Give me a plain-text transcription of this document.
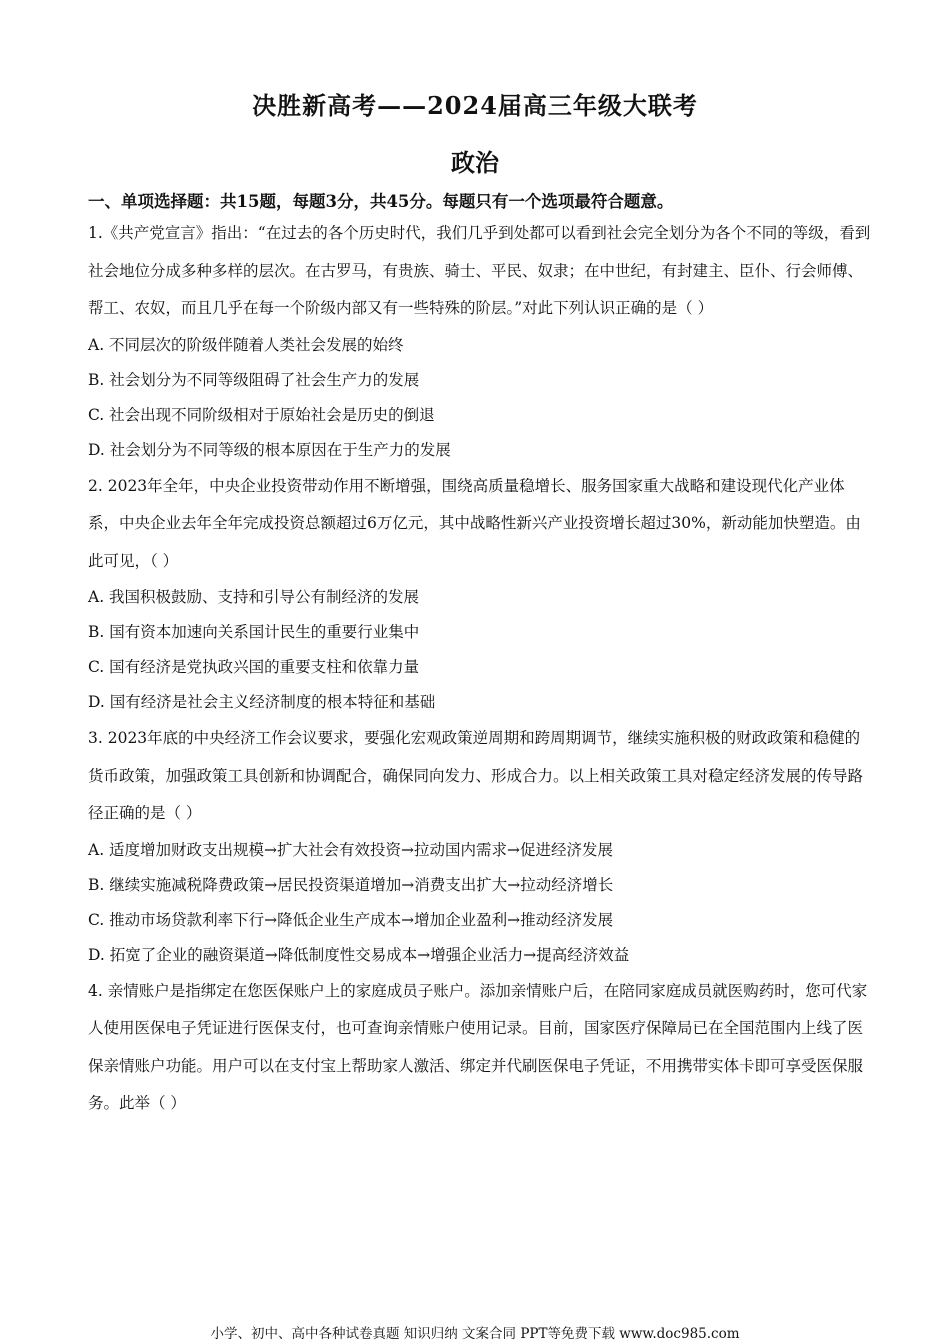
决胜新高考——2024届高三年级大联考
政治
一、单项选择题：共15题，每题3分，共45分。每题只有一个选项最符合题意。

1.《共产党宣言》指出：“在过去的各个历史时代，我们几乎到处都可以看到社会完全划分为各个不同的等级，看到社会地位分成多种多样的层次。在古罗马，有贵族、骑士、平民、奴隶；在中世纪，有封建主、臣仆、行会师傅、帮工、农奴，而且几乎在每一个阶级内部又有一些特殊的阶层。”对此下列认识正确的是（ ）

A. 不同层次的阶级伴随着人类社会发展的始终

B. 社会划分为不同等级阻碍了社会生产力的发展

C. 社会出现不同阶级相对于原始社会是历史的倒退

D. 社会划分为不同等级的根本原因在于生产力的发展

2. 2023年全年，中央企业投资带动作用不断增强，围绕高质量稳增长、服务国家重大战略和建设现代化产业体系，中央企业去年全年完成投资总额超过6万亿元，其中战略性新兴产业投资增长超过30%，新动能加快塑造。由此可见，（ ）

A. 我国积极鼓励、支持和引导公有制经济的发展

B. 国有资本加速向关系国计民生的重要行业集中

C. 国有经济是党执政兴国的重要支柱和依靠力量

D. 国有经济是社会主义经济制度的根本特征和基础

3. 2023年底的中央经济工作会议要求，要强化宏观政策逆周期和跨周期调节，继续实施积极的财政政策和稳健的货币政策，加强政策工具创新和协调配合，确保同向发力、形成合力。以上相关政策工具对稳定经济发展的传导路径正确的是（ ）

A. 适度增加财政支出规模→扩大社会有效投资→拉动国内需求→促进经济发展

B. 继续实施减税降费政策→居民投资渠道增加→消费支出扩大→拉动经济增长

C. 推动市场贷款利率下行→降低企业生产成本→增加企业盈利→推动经济发展

D. 拓宽了企业的融资渠道→降低制度性交易成本→增强企业活力→提高经济效益

4. 亲情账户是指绑定在您医保账户上的家庭成员子账户。添加亲情账户后，在陪同家庭成员就医购药时，您可代家人使用医保电子凭证进行医保支付，也可查询亲情账户使用记录。目前，国家医疗保障局已在全国范围内上线了医保亲情账户功能。用户可以在支付宝上帮助家人激活、绑定并代刷医保电子凭证，不用携带实体卡即可享受医保服务。此举（ ）

小学、初中、高中各种试卷真题 知识归纳 文案合同 PPT等免费下载 www.doc985.com
